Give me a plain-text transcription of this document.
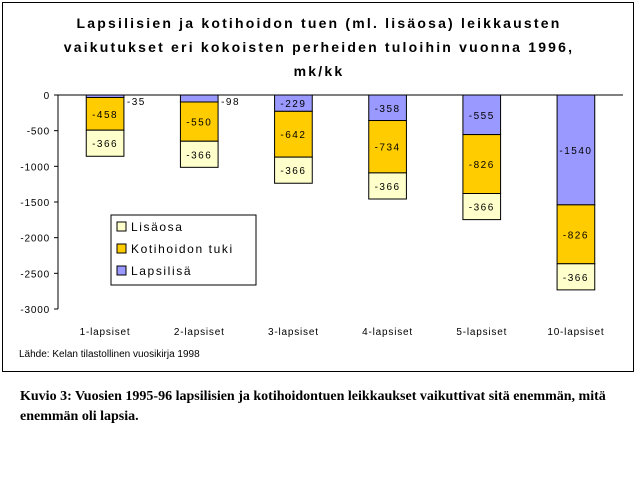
Lapsilisien ja kotihoidon tuen (ml. lisäosa) leikkausten
vaikutukset eri kokoisten perheiden tuloihin vuonna 1996,
mk/kk
0
-500
-1000
-1500
-2000
-2500
-3000
-35
-458
-366
1-lapsiset
-98
-550
-366
2-lapsiset
-229
-642
-366
3-lapsiset
-358
-734
-366
4-lapsiset
-555
-826
-366
5-lapsiset
-1540
-826
-366
10-lapsiset
Lisäosa
Kotihoidon tuki
Lapsilisä
Lähde: Kelan tilastollinen vuosikirja 1998
Kuvio 3: Vuosien 1995-96 lapsilisien ja kotihoidontuen leikkaukset vaikuttivat sitä enemmän, mitä enemmän oli lapsia.
